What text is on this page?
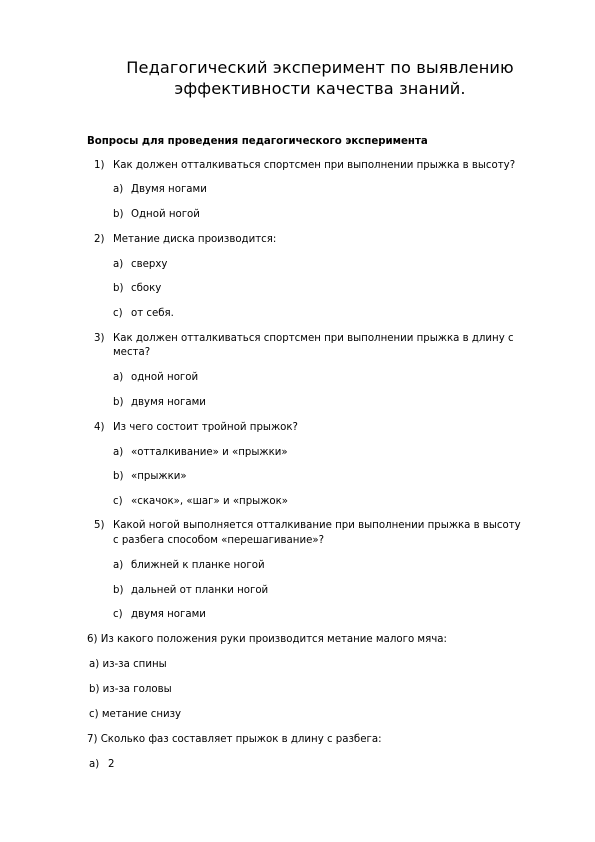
Педагогический эксперимент по выявлению
эффективности качества знаний.
Вопросы для проведения педагогического эксперимента
1) Как должен отталкиваться спортсмен при выполнении прыжка в высоту?
a) Двумя ногами
b) Одной ногой
2) Метание диска производится:
a) сверху
b) сбоку
c) от себя.
3) Как должен отталкиваться спортсмен при выполнении прыжка в длину с
места?
a) одной ногой
b) двумя ногами
4) Из чего состоит тройной прыжок?
a) «отталкивание» и «прыжки»
b) «прыжки»
c) «скачок», «шаг» и «прыжок»
5) Какой ногой выполняется отталкивание при выполнении прыжка в высоту
с разбега способом «перешагивание»?
a) ближней к планке ногой
b) дальней от планки ногой
c) двумя ногами
6) Из какого положения руки производится метание малого мяча:
a) из-за спины
b) из-за головы
c) метание снизу
7) Сколько фаз составляет прыжок в длину с разбега:
a) 2
